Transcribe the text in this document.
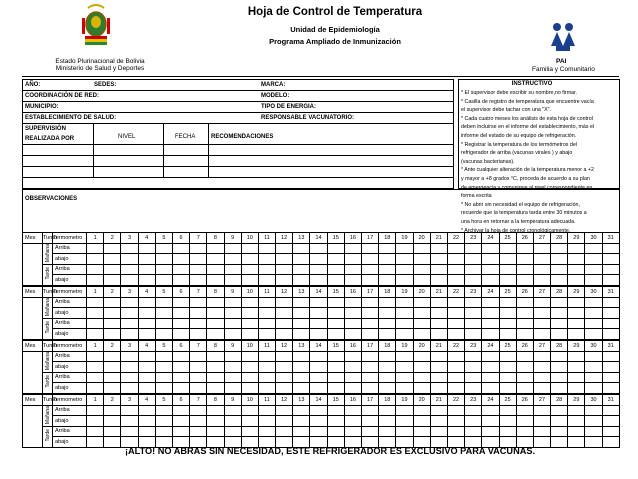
Estado Plurinacional de Bolivia
Ministerio de Salud y Deportes
Hoja de Control de Temperatura
Unidad de Epidemiología
Programa Ampliado de Inmunización
PAI
Familia y Comunitario
AÑO:	SEDES:	MARCA:
COORDINACIÓN DE RED:	MODELO:
MUNICIPIO:	TIPO DE ENERGIA:
ESTABLECIMIENTO DE SALUD:	RESPONSABLE VACUNATORIO:
SUPERVISIÓN
REALIZADA POR	NIVEL	FECHA	RECOMENDACIONES
INSTRUCTIVO

* El supervisor debe escribir su nombre,no firmar.

* Casilla de registro de temperatura que encuentre vacía

el supervisor debe tachar con una "X".

* Cada cuatro meses los análisis de esta hoja de control

deben incluirse en el informe del establecimiento, más el

informe del estado de su equipo de refrigeración.

* Registrar la temperatura de los termómetros del

refrigerador de arriba (vacunas virales ) y abajo

(vacunas bacterianas).

* Ante cualquier alteración de la temperatura menor a +2

y mayor a +8 grados °C, proceda de acuerdo a su plan

de emergencia y comunique al nivel correspondiente en

forma escrita

* No abrir sin necesidad el equipo de refrigeración,

recuerde que la temperatura tarda entre 30 minutos a

una hora en retornar a la temperatura adecuada.

* Archivar la hoja de control cronológicamente.

OBSERVACIONES
Mes	Turno	Termometro	1	2	3	4	5	6	7	8	9	10	11	12	13	14	15	16	17	18	19	20	21	22	23	24	25	26	27	28	29	30	31
	Mañana	Arriba																															
		abajo																															
	Tarde	Arriba																															
		abajo																															
Mes	Turno	Termometro	1	2	3	4	5	6	7	8	9	10	11	12	13	14	15	16	17	18	19	20	21	22	23	24	25	26	27	28	29	30	31
	Mañana	Arriba																															
		abajo																															
	Tarde	Arriba																															
		abajo																															
Mes	Turno	Termometro	1	2	3	4	5	6	7	8	9	10	11	12	13	14	15	16	17	18	19	20	21	22	23	24	25	26	27	28	29	30	31
	Mañana	Arriba																															
		abajo																															
	Tarde	Arriba																															
		abajo																															
Mes	Turno	Termometro	1	2	3	4	5	6	7	8	9	10	11	12	13	14	15	16	17	18	19	20	21	22	23	24	25	26	27	28	29	30	31
	Mañana	Arriba																															
		abajo																															
	Tarde	Arriba																															
		abajo																															
¡ALTO! NO ABRAS SIN NECESIDAD, ESTE REFRIGERADOR ES EXCLUSIVO PARA VACUNAS.
